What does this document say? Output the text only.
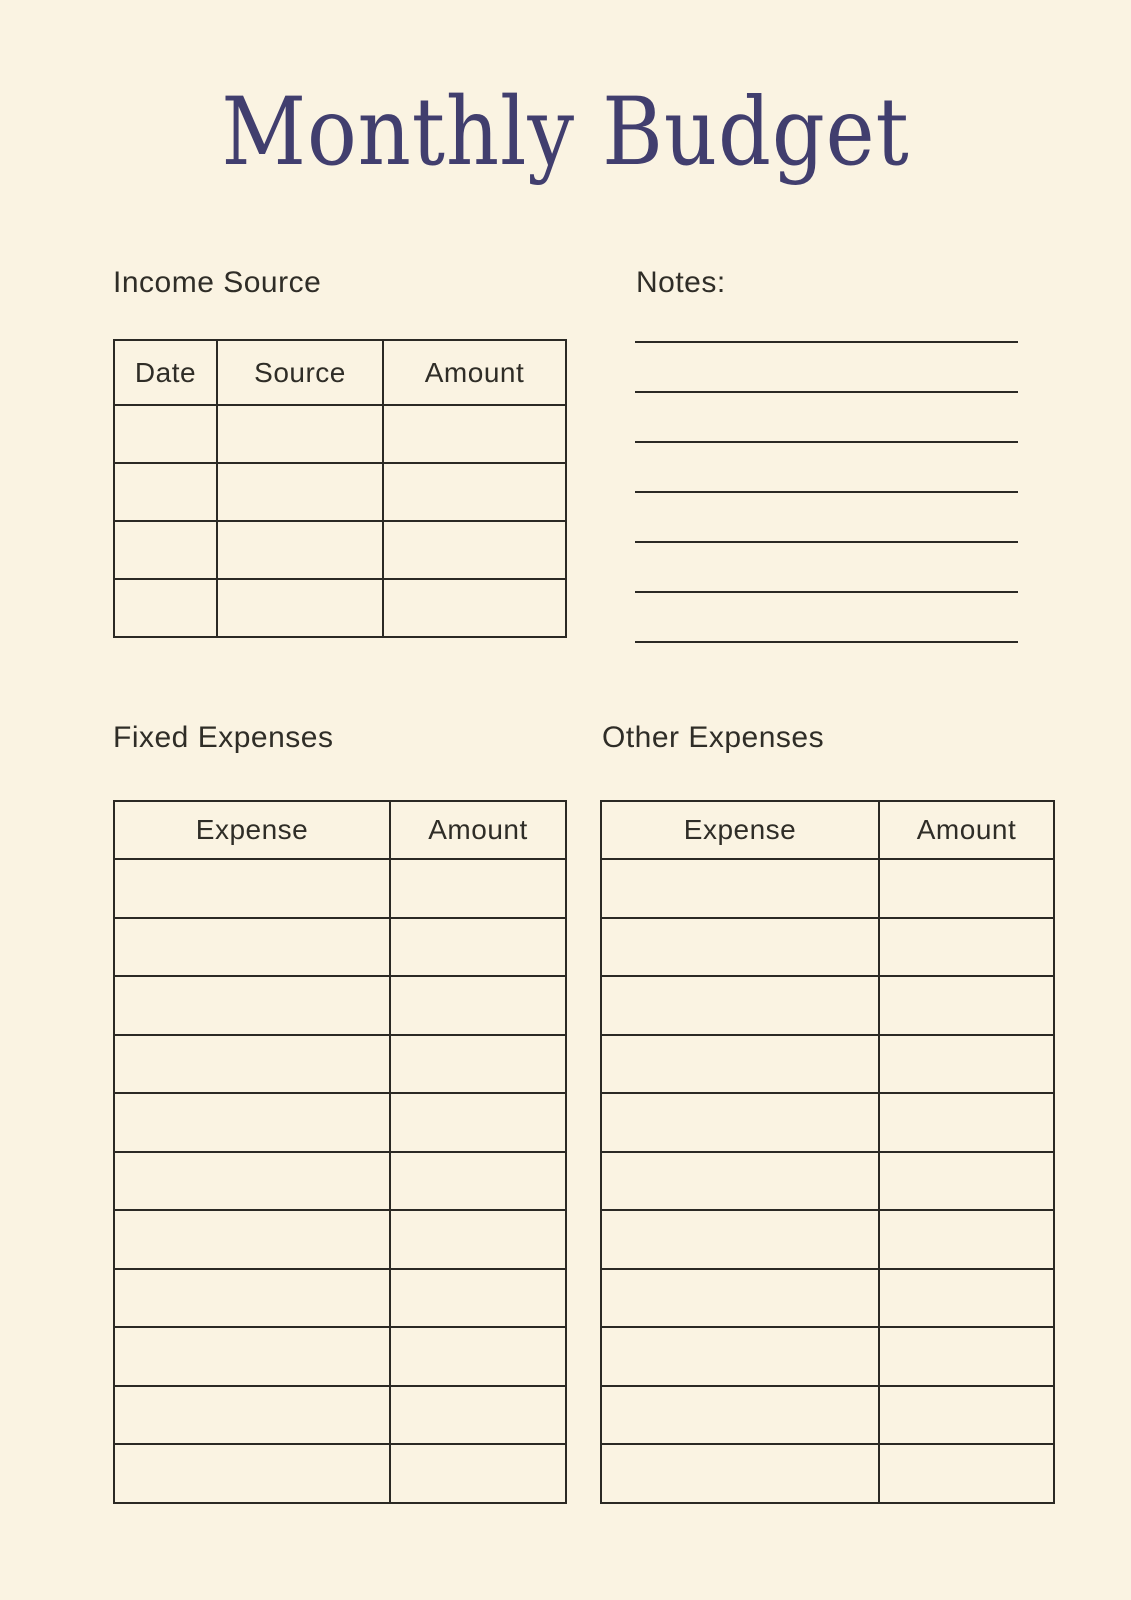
Monthly Budget
Income Source
Date	Source	Amount

Notes:
Fixed Expenses
Expense	Amount

Other Expenses
Expense	Amount
